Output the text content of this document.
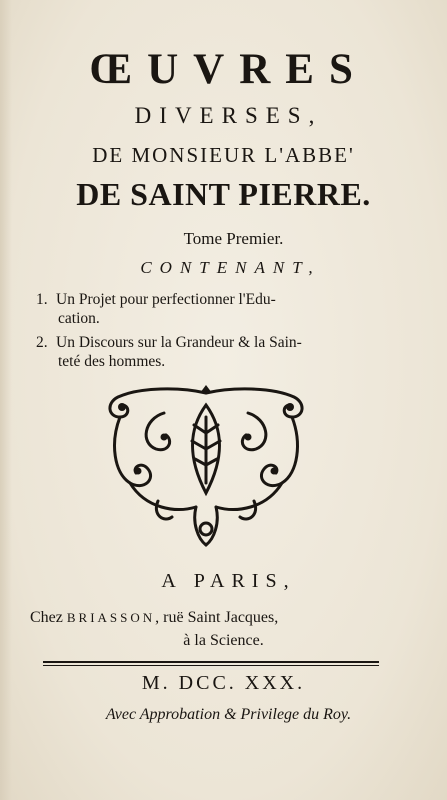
ŒUVRES
DIVERSES,
DE MONSIEUR L'ABBE'
DE SAINT PIERRE.
Tome Premier.
CONTENANT,
1. Un Projet pour perfectionner l'Edu-
cation.
2. Un Discours sur la Grandeur & la Sain-
teté des hommes.
A PARIS,
Chez BRIASSON, ruë Saint Jacques,
à la Science.
M. DCC. XXX.
Avec Approbation & Privilege du Roy.
